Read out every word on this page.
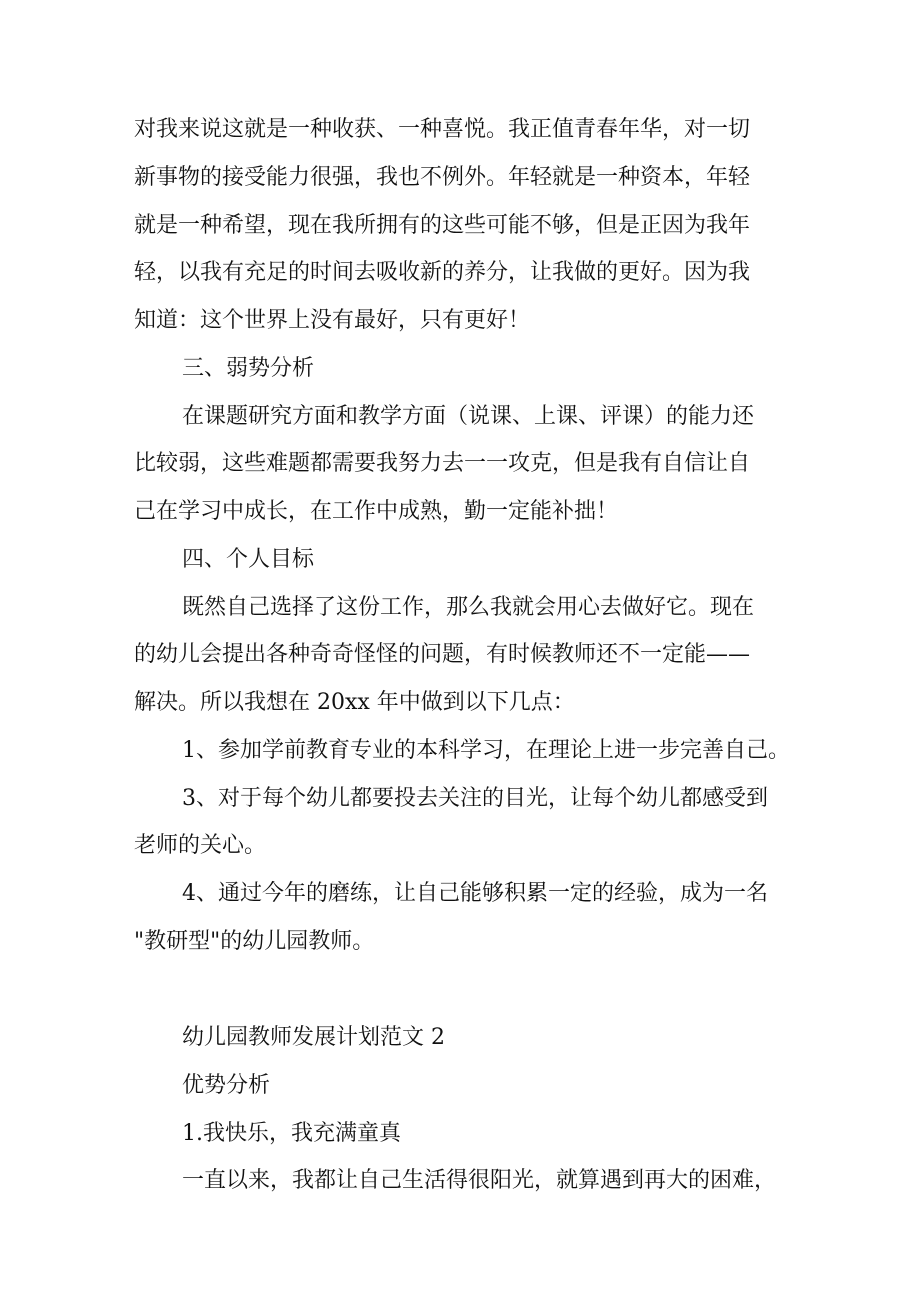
对我来说这就是一种收获、一种喜悦。我正值青春年华，对一切
新事物的接受能力很强，我也不例外。年轻就是一种资本，年轻
就是一种希望，现在我所拥有的这些可能不够，但是正因为我年
轻，以我有充足的时间去吸收新的养分，让我做的更好。因为我
知道：这个世界上没有最好，只有更好！
三、弱势分析
在课题研究方面和教学方面（说课、上课、评课）的能力还
比较弱，这些难题都需要我努力去一一攻克，但是我有自信让自
己在学习中成长，在工作中成熟，勤一定能补拙！
四、个人目标
既然自己选择了这份工作，那么我就会用心去做好它。现在
的幼儿会提出各种奇奇怪怪的问题，有时候教师还不一定能——
解决。所以我想在 20xx 年中做到以下几点：
1、参加学前教育专业的本科学习，在理论上进一步完善自己。
3、对于每个幼儿都要投去关注的目光，让每个幼儿都感受到
老师的关心。
4、通过今年的磨练，让自己能够积累一定的经验，成为一名
"教研型"的幼儿园教师。
幼儿园教师发展计划范文 2
优势分析
1.我快乐，我充满童真
一直以来，我都让自己生活得很阳光，就算遇到再大的困难，
